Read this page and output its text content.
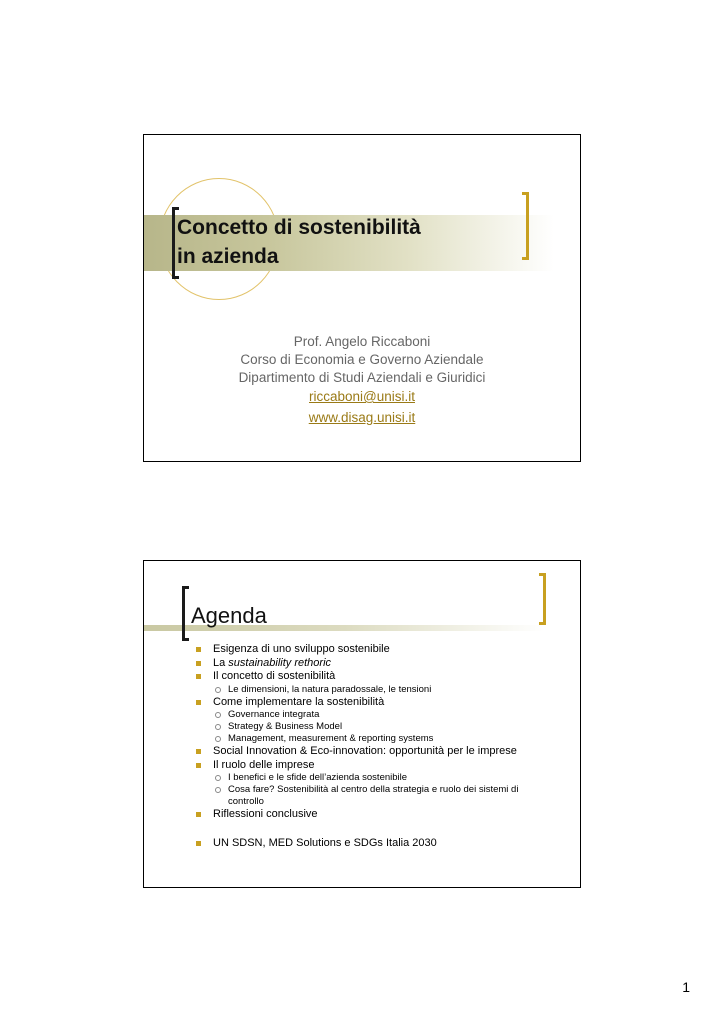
Concetto di sostenibilità
in azienda
Prof. Angelo Riccaboni
Corso di Economia e Governo Aziendale
Dipartimento di Studi Aziendali e Giuridici
riccaboni@unisi.it
www.disag.unisi.it
Agenda
Esigenza di uno sviluppo sostenibile
La sustainability rethoric
Il concetto di sostenibilità
Le dimensioni, la natura paradossale, le tensioni
Come implementare la sostenibilità
Governance integrata
Strategy & Business Model
Management, measurement & reporting systems
Social Innovation & Eco-innovation: opportunità per le imprese
Il ruolo delle imprese
I benefici e le sfide dell’azienda sostenibile
Cosa fare? Sostenibilità al centro della strategia e ruolo dei sistemi di controllo
Riflessioni conclusive
UN SDSN, MED Solutions e SDGs Italia 2030
1
